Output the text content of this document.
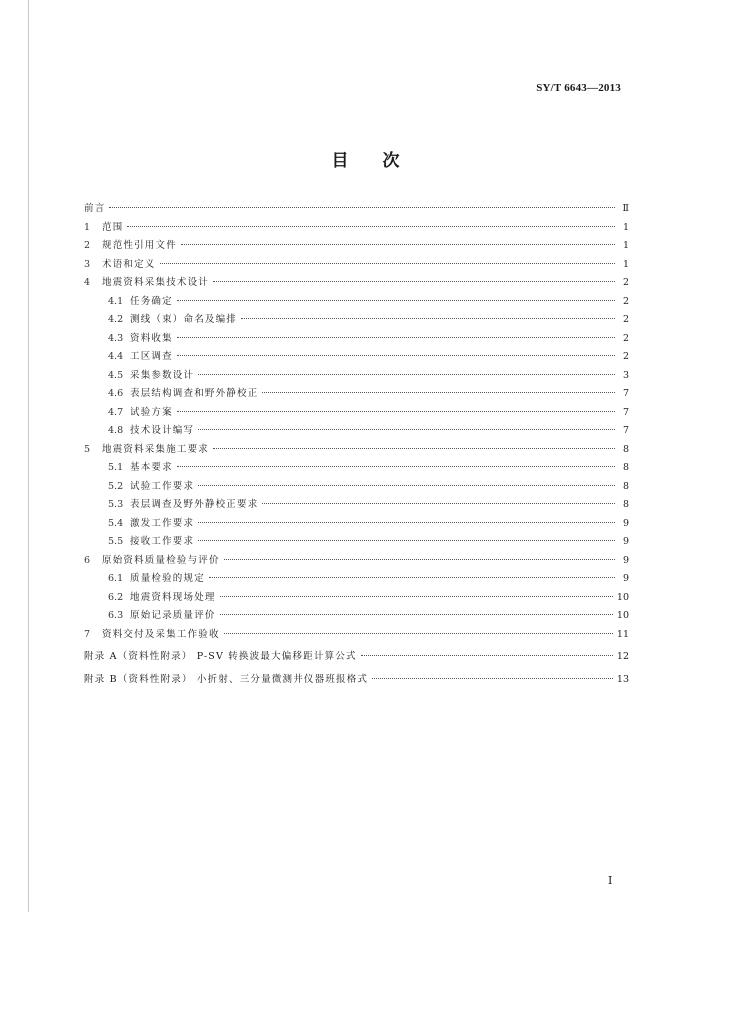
SY/T 6643—2013
目次
前言	Ⅱ
1	范围	1
2	规范性引用文件	1
3	术语和定义	1
4	地震资料采集技术设计	2
4.1 任务确定	2
4.2 测线（束）命名及编排	2
4.3 资料收集	2
4.4 工区调查	2
4.5 采集参数设计	3
4.6 表层结构调查和野外静校正	7
4.7 试验方案	7
4.8 技术设计编写	7
5	地震资料采集施工要求	8
5.1 基本要求	8
5.2 试验工作要求	8
5.3 表层调查及野外静校正要求	8
5.4 激发工作要求	9
5.5 接收工作要求	9
6	原始资料质量检验与评价	9
6.1 质量检验的规定	9
6.2 地震资料现场处理	10
6.3 原始记录质量评价	10
7	资料交付及采集工作验收	11
附录 A（资料性附录） P-SV 转换波最大偏移距计算公式	12
附录 B（资料性附录） 小折射、三分量微测井仪器班报格式	13
I
